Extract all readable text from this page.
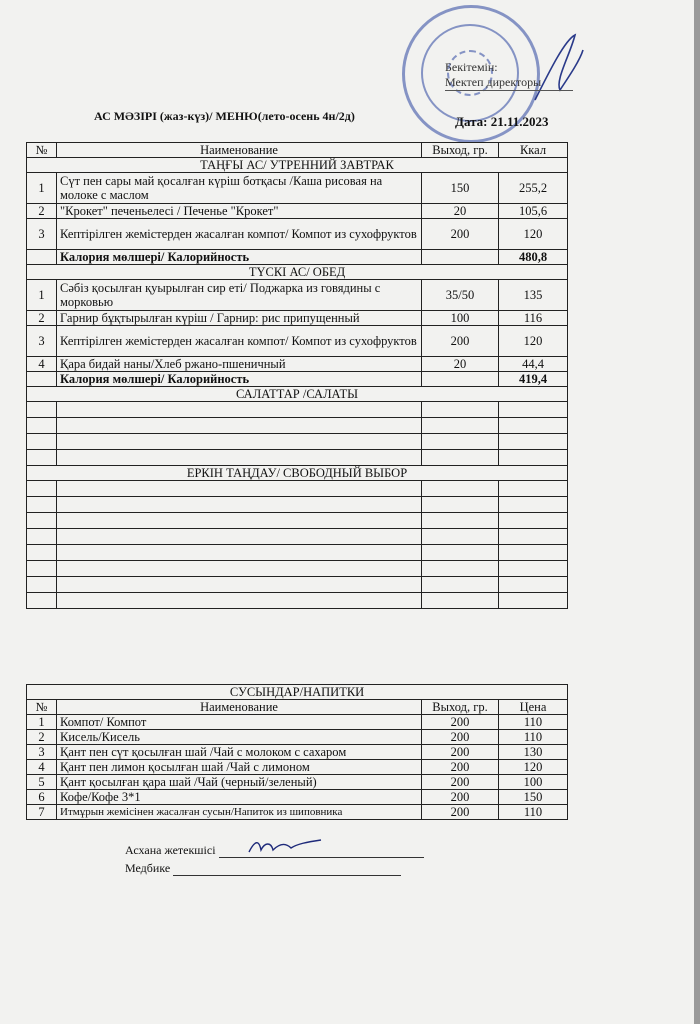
Бекітемін:
Мектеп директоры
АС МӘЗІРІ (жаз-күз)/ МЕНЮ(лето-осень 4н/2д)	Дата: 21.11.2023
№	Наименование	Выход, гр.	Ккал
ТАҢҒЫ АС/ УТРЕННИЙ ЗАВТРАК			
1	Сүт пен сары май қосалған күріш ботқасы /Каша рисовая на молоке с маслом	150	255,2
2	"Крокет" печеньелесі / Печенье "Крокет"	20	105,6
3	Кептірілген жемістерден жасалған компот/ Компот из сухофруктов	200	120
	Калория мөлшері/ Калорийность		480,8
ТҮСКІ АС/ ОБЕД			
1	Сәбіз қосылған қуырылған сир еті/ Поджарка из говядины с морковью	35/50	135
2	Гарнир бұқтырылған күріш / Гарнир: рис припущенный	100	116
3	Кептірілген жемістерден жасалған компот/ Компот из сухофруктов	200	120
4	Қара бидай наны/Хлеб ржано-пшеничный	20	44,4
	Калория мөлшері/ Калорийность		419,4
САЛАТТАР /САЛАТЫ			

ЕРКІН ТАҢДАУ/ СВОБОДНЫЙ ВЫБОР			

СУСЫНДАР/НАПИТКИ			
№	Наименование	Выход, гр.	Цена
1	Компот/ Компот	200	110
2	Кисель/Кисель	200	110
3	Қант пен сүт қосылған шай /Чай с молоком с сахаром	200	130
4	Қант пен лимон қосылған шай /Чай с лимоном	200	120
5	Қант қосылған қара шай /Чай (черный/зеленый)	200	100
6	Кофе/Кофе 3*1	200	150
7	Итмұрын жемісінен жасалған сусын/Напиток из шиповника	200	110
Асхана жетекшісі
Медбике
